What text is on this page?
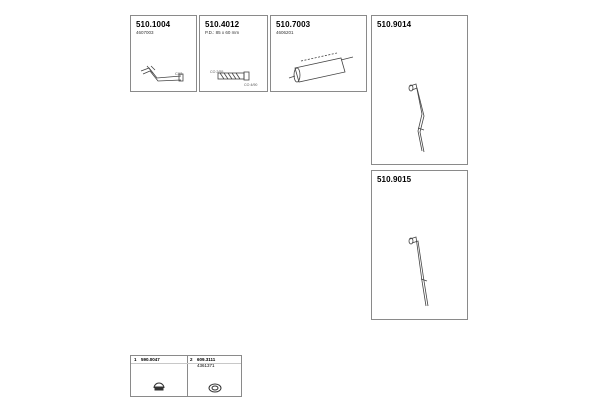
510.1004
4607003
C02
510.4012
P.D.: 85 x 60 mm
CO 2/55
CO 4/90
510.7003
4606201
510.9014
510.9015
1 590.0047	2 609.3111
4361371
